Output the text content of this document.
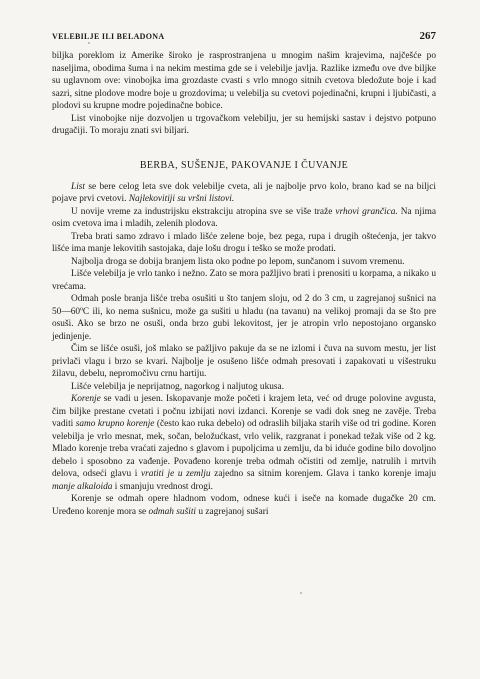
VELEBILJE ILI BELADONA	267

biljka poreklom iz Amerike široko je rasprostranjena u mnogim našim krajevima, najčešće po naseljima, obodima šuma i na nekim mestima gde se i velebilje javlja. Razlike između ove dve biljke su uglavnom ove: vinobojka ima grozdaste cvasti s vrlo mnogo sitnih cvetova bledožute boje i kad sazri, sitne plodove modre boje u grozdovima; u velebilja su cvetovi pojedinačni, krupni i ljubičasti, a plodovi su krupne modre pojedinačne bobice.

List vinobojke nije dozvoljen u trgovačkom velebilju, jer su hemijski sastav i dejstvo potpuno drugačiji. To moraju znati svi biljari.

BERBA, SUŠENJE, PAKOVANJE I ČUVANJE

List se bere celog leta sve dok velebilje cveta, ali je najbolje prvo kolo, brano kad se na biljci pojave prvi cvetovi. Najlekovitiji su vršni listovi.

U novije vreme za industrijsku ekstrakciju atropina sve se više traže vrhovi grančica. Na njima osim cvetova ima i mladih, zelenih plodova.

Treba brati samo zdravo i mlado lišće zelene boje, bez pega, rupa i drugih oštećenja, jer takvo lišće ima manje lekovitih sastojaka, daje lošu drogu i teško se može prodati.

Najbolja droga se dobija branjem lista oko podne po lepom, sunčanom i suvom vremenu.

Lišće velebilja je vrlo tanko i nežno. Zato se mora pažljivo brati i prenositi u korpama, a nikako u vrećama.

Odmah posle branja lišće treba osušiti u što tanjem sloju, od 2 do 3 cm, u zagrejanoj sušnici na 50—60ºC ili, ko nema sušnicu, može ga sušiti u hladu (na tavanu) na velikoj promaji da se što pre osuši. Ako se brzo ne osuši, onda brzo gubi lekovitost, jer je atropin vrlo nepostojano organsko jedinjenje.

Čim se lišće osuši, još mlako se pažljivo pakuje da se ne izlomi i čuva na suvom mestu, jer list privlači vlagu i brzo se kvari. Najbolje je osušeno lišće odmah presovati i zapakovati u višestruku žilavu, debelu, nepromočivu crnu hartiju.

Lišće velebilja je neprijatnog, nagorkog i naljutog ukusa.

Korenje se vadi u jesen. Iskopavanje može početi i krajem leta, već od druge polovine avgusta, čim biljke prestane cvetati i počnu izbijati novi izdanci. Korenje se vadi dok sneg ne zavěje. Treba vaditi samo krupno korenje (često kao ruka debelo) od odraslih biljaka starih više od tri godine. Koren velebilja je vrlo mesnat, mek, sočan, beložućkast, vrlo velik, razgranat i ponekad težak više od 2 kg. Mlado korenje treba vraćati zajedno s glavom i pupoljcima u zemlju, da bi iduće godine bilo dovoljno debelo i sposobno za vađenje. Povađeno korenje treba odmah očistiti od zemlje, natrulih i mrtvih delova, odseći glavu i vratiti je u zemlju zajedno sa sitnim korenjem. Glava i tanko korenje imaju manje alkaloida i smanjuju vrednost drogi.

Korenje se odmah opere hladnom vodom, odnese kući i iseče na komade dugačke 20 cm. Uređeno korenje mora se odmah sušiti u zagrejanoj sušari
